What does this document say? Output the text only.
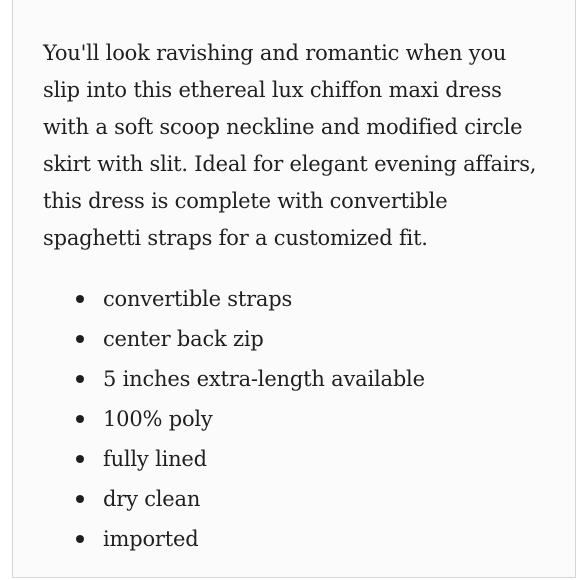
You'll look ravishing and romantic when you slip into this ethereal lux chiffon maxi dress with a soft scoop neckline and modified circle skirt with slit. Ideal for elegant evening affairs, this dress is complete with convertible spaghetti straps for a customized fit.

convertible straps
center back zip
5 inches extra-length available
100% poly
fully lined
dry clean
imported
